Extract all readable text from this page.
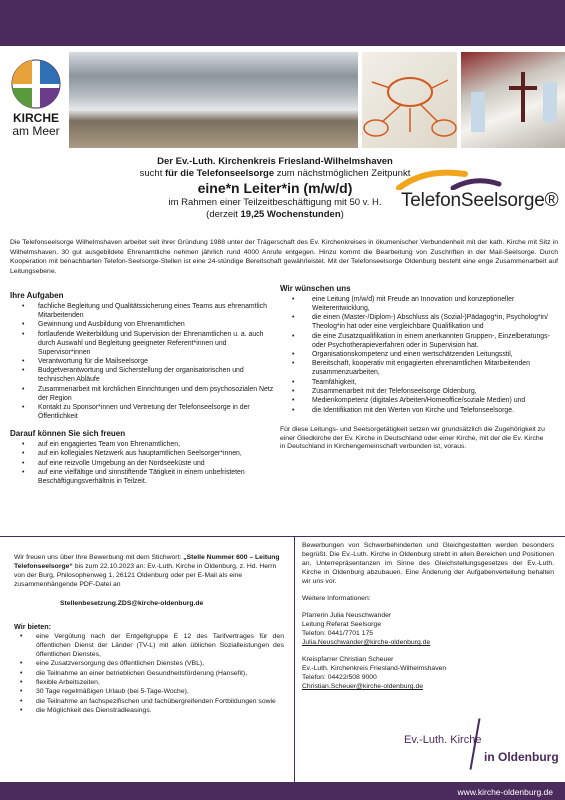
KIRCHE
am Meer
Der Ev.-Luth. Kirchenkreis Friesland-Wilhelmshaven
sucht für die Telefonseelsorge zum nächstmöglichen Zeitpunkt
eine*n Leiter*in (m/w/d)
im Rahmen einer Teilzeitbeschäftigung mit 50 v. H.
(derzeit 19,25 Wochenstunden)
TelefonSeelsorge®
Die Telefonseelsorge Wilhelmshaven arbeitet seit ihrer Gründung 1988 unter der Trägerschaft des Ev. Kirchenkreises in ökumenischer Verbundenheit mit der kath. Kirche mit Sitz in Wilhelmshaven. 30 gut ausgebildete Ehrenamtliche nehmen jährlich rund 4000 Anrufe entgegen. Hinzu kommt die Bearbeitung von Zuschriften in der Mail-Seelsorge. Durch Kooperation mit benachbarten Telefon-Seelsorge-Stellen ist eine 24-stündige Bereitschaft gewährleistet. Mit der Telefonseelsorge Oldenburg besteht eine enge Zusammenarbeit auf Leitungsebene.
Ihre Aufgaben
• fachliche Begleitung und Qualitätssicherung eines Teams aus ehrenamtlich Mitarbeitenden
• Gewinnung und Ausbildung von Ehrenamtlichen
• fortlaufende Weiterbildung und Supervision der Ehrenamtlichen u. a. auch durch Auswahl und Begleitung geeigneter Referent*innen und Supervisor*innen
• Verantwortung für die Mailseelsorge
• Budgetverantwortung und Sicherstellung der organisatorischen und technischen Abläufe
• Zusammenarbeit mit kirchlichen Einrichtungen und dem psychosozialen Netz der Region
• Kontakt zu Sponsor*innen und Vertretung der Telefonseelsorge in der Öffentlichkeit
Darauf können Sie sich freuen
• auf ein engagiertes Team von Ehrenamtlichen,
• auf ein kollegiales Netzwerk aus hauptamtlichen Seelsorger*innen,
• auf eine reizvolle Umgebung an der Nordseeküste und
• auf eine vielfältige und sinnstiftende Tätigkeit in einem unbefristeten Beschäftigungsverhältnis in Teilzeit.
Wir wünschen uns
• eine Leitung (m/w/d) mit Freude an Innovation und konzeptioneller Weiterentwicklung,
• die einen (Master-/Diplom-) Abschluss als (Sozial-)Pädagog*in, Psycholog*in/ Theolog*in hat oder eine vergleichbare Qualifikation und
• die eine Zusatzqualifikation in einem anerkannten Gruppen-, Einzelberatungs- oder Psychotherapieverfahren oder in Supervision hat.
• Organisationskompetenz und einen wertschätzenden Leitungsstil,
• Bereitschaft, kooperativ mit engagierten ehrenamtlichen Mitarbeitenden zusammenzuarbeiten,
• Teamfähigkeit,
• Zusammenarbeit mit der Telefonseelsorge Oldenburg,
• Medienkompetenz (digitales Arbeiten/Homeoffice/soziale Medien) und
• die Identifikation mit den Werten von Kirche und Telefonseelsorge.
Für diese Leitungs- und Seelsorgetätigkeit setzen wir grundsätzlich die Zugehörigkeit zu einer Gliedkirche der Ev. Kirche in Deutschland oder einer Kirche, mit der die Ev. Kirche in Deutschland in Kirchengemeinschaft verbunden ist, voraus.
Wir freuen uns über Ihre Bewerbung mit dem Stichwort: „Stelle Nummer 600 – Leitung Telefonseelsorge“ bis zum 22.10.2023 an: Ev.-Luth. Kirche in Oldenburg, z. Hd. Herrn von der Burg, Philosophenweg 1, 26121 Oldenburg oder per E-Mail als eine zusammenhängende PDF-Datei an
Stellenbesetzung.ZDS@kirche-oldenburg.de
Wir bieten:
• eine Vergütung nach der Entgeltgruppe E 12 des Tarifvertrages für den öffentlichen Dienst der Länder (TV-L) mit allen üblichen Sozialleistungen des öffentlichen Dienstes,
• eine Zusatzversorgung des öffentlichen Dienstes (VBL),
• die Teilnahme an einer betrieblichen Gesundheitsförderung (Hansefit),
• flexible Arbeitszeiten,
• 30 Tage regelmäßigen Urlaub (bei 5-Tage-Woche),
• die Teilnahme an fachspezifischen und fachübergreifenden Fortbildungen sowie
• die Möglichkeit des Dienstradleasings.

Bewerbungen von Schwerbehinderten und Gleichgestellten werden besonders begrüßt. Die Ev.-Luth. Kirche in Oldenburg strebt in allen Bereichen und Positionen an, Unterrepräsentanzen im Sinne des Gleichstellungsgesetzes der Ev.-Luth. Kirche in Oldenburg abzubauen. Eine Änderung der Aufgabenverteilung behalten wir uns vor.

Weitere Informationen:

Pfarrerin Julia Neuschwander
Leitung Referat Seelsorge
Telefon: 0441/7701 175
Julia.Neuschwander@kirche-oldenburg.de
Kreispfarrer Christian Scheuer
Ev.-Luth. Kirchenkreis Friesland-Wilhelmshaven
Telefon: 04422/508 9000
Christian.Scheuer@kirche-oldenburg.de
Ev.-Luth. Kirche
in Oldenburg
www.kirche-oldenburg.de
